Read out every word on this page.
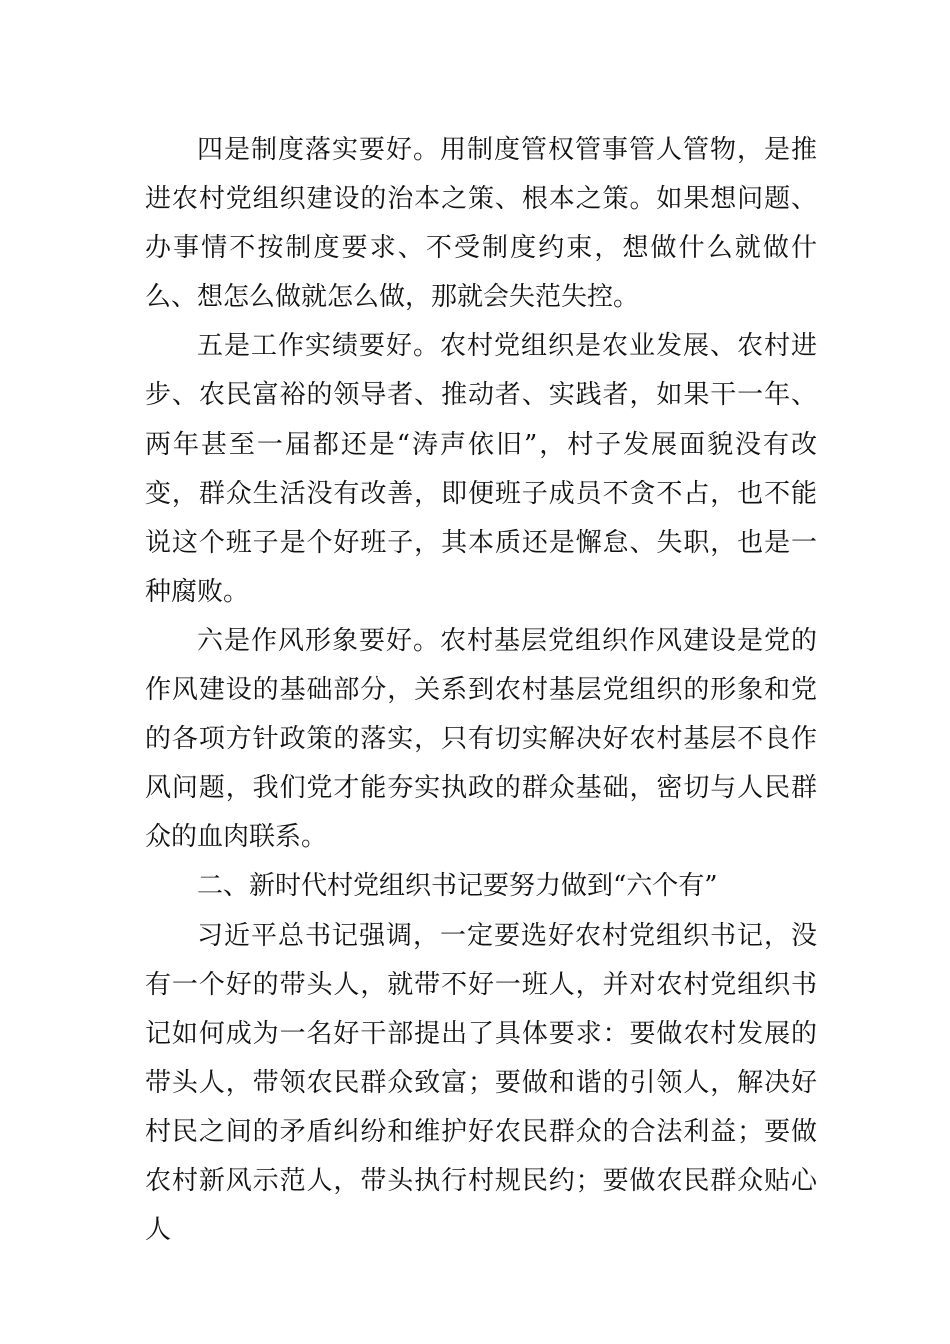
四是制度落实要好。用制度管权管事管人管物，是推进农村党组织建设的治本之策、根本之策。如果想问题、办事情不按制度要求、不受制度约束，想做什么就做什么、想怎么做就怎么做，那就会失范失控。

五是工作实绩要好。农村党组织是农业发展、农村进步、农民富裕的领导者、推动者、实践者，如果干一年、两年甚至一届都还是“涛声依旧”，村子发展面貌没有改变，群众生活没有改善，即便班子成员不贪不占，也不能说这个班子是个好班子，其本质还是懈怠、失职，也是一种腐败。

六是作风形象要好。农村基层党组织作风建设是党的作风建设的基础部分，关系到农村基层党组织的形象和党的各项方针政策的落实，只有切实解决好农村基层不良作风问题，我们党才能夯实执政的群众基础，密切与人民群众的血肉联系。

二、新时代村党组织书记要努力做到“六个有”

习近平总书记强调，一定要选好农村党组织书记，没有一个好的带头人，就带不好一班人，并对农村党组织书记如何成为一名好干部提出了具体要求：要做农村发展的带头人，带领农民群众致富；要做和谐的引领人，解决好村民之间的矛盾纠纷和维护好农民群众的合法利益；要做农村新风示范人，带头执行村规民约；要做农民群众贴心人
